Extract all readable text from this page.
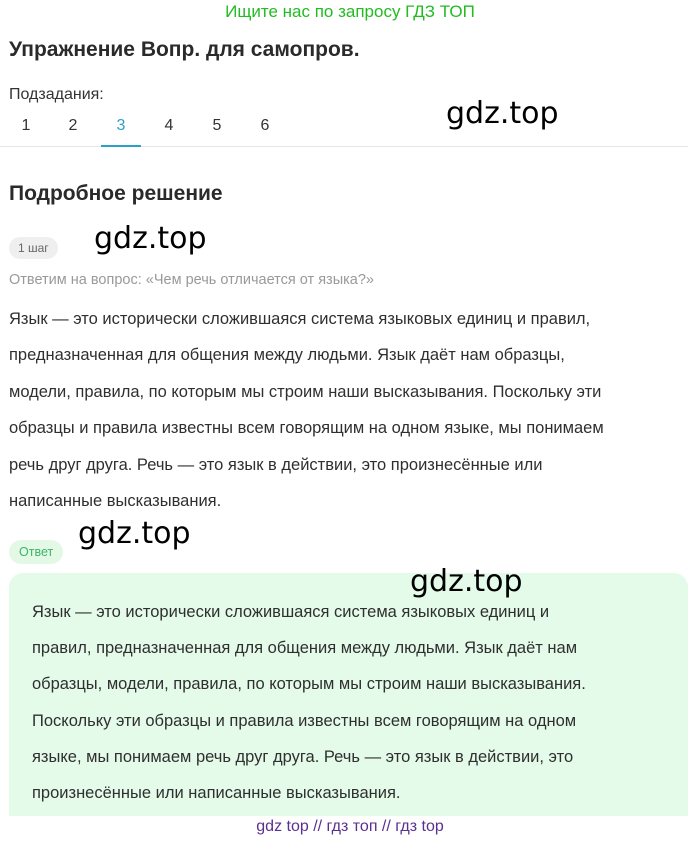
Ищите нас по запросу ГДЗ ТОП
Упражнение Вопр. для самопров.
Подзадания:
1	2	3	4	5	6	gdz.top
Подробное решение
1 шаг	gdz.top
Ответим на вопрос: «Чем речь отличается от языка?»
Язык — это исторически сложившаяся система языковых единиц и правил,
предназначенная для общения между людьми. Язык даёт нам образцы,
модели, правила, по которым мы строим наши высказывания. Поскольку эти
образцы и правила известны всем говорящим на одном языке, мы понимаем
речь друг друга. Речь — это язык в действии, это произнесённые или
написанные высказывания.
Ответ
gdz.top
gdz.top
Язык — это исторически сложившаяся система языковых единиц и
правил, предназначенная для общения между людьми. Язык даёт нам
образцы, модели, правила, по которым мы строим наши высказывания.
Поскольку эти образцы и правила известны всем говорящим на одном
языке, мы понимаем речь друг друга. Речь — это язык в действии, это
произнесённые или написанные высказывания.
gdz top // гдз топ // гдз top
